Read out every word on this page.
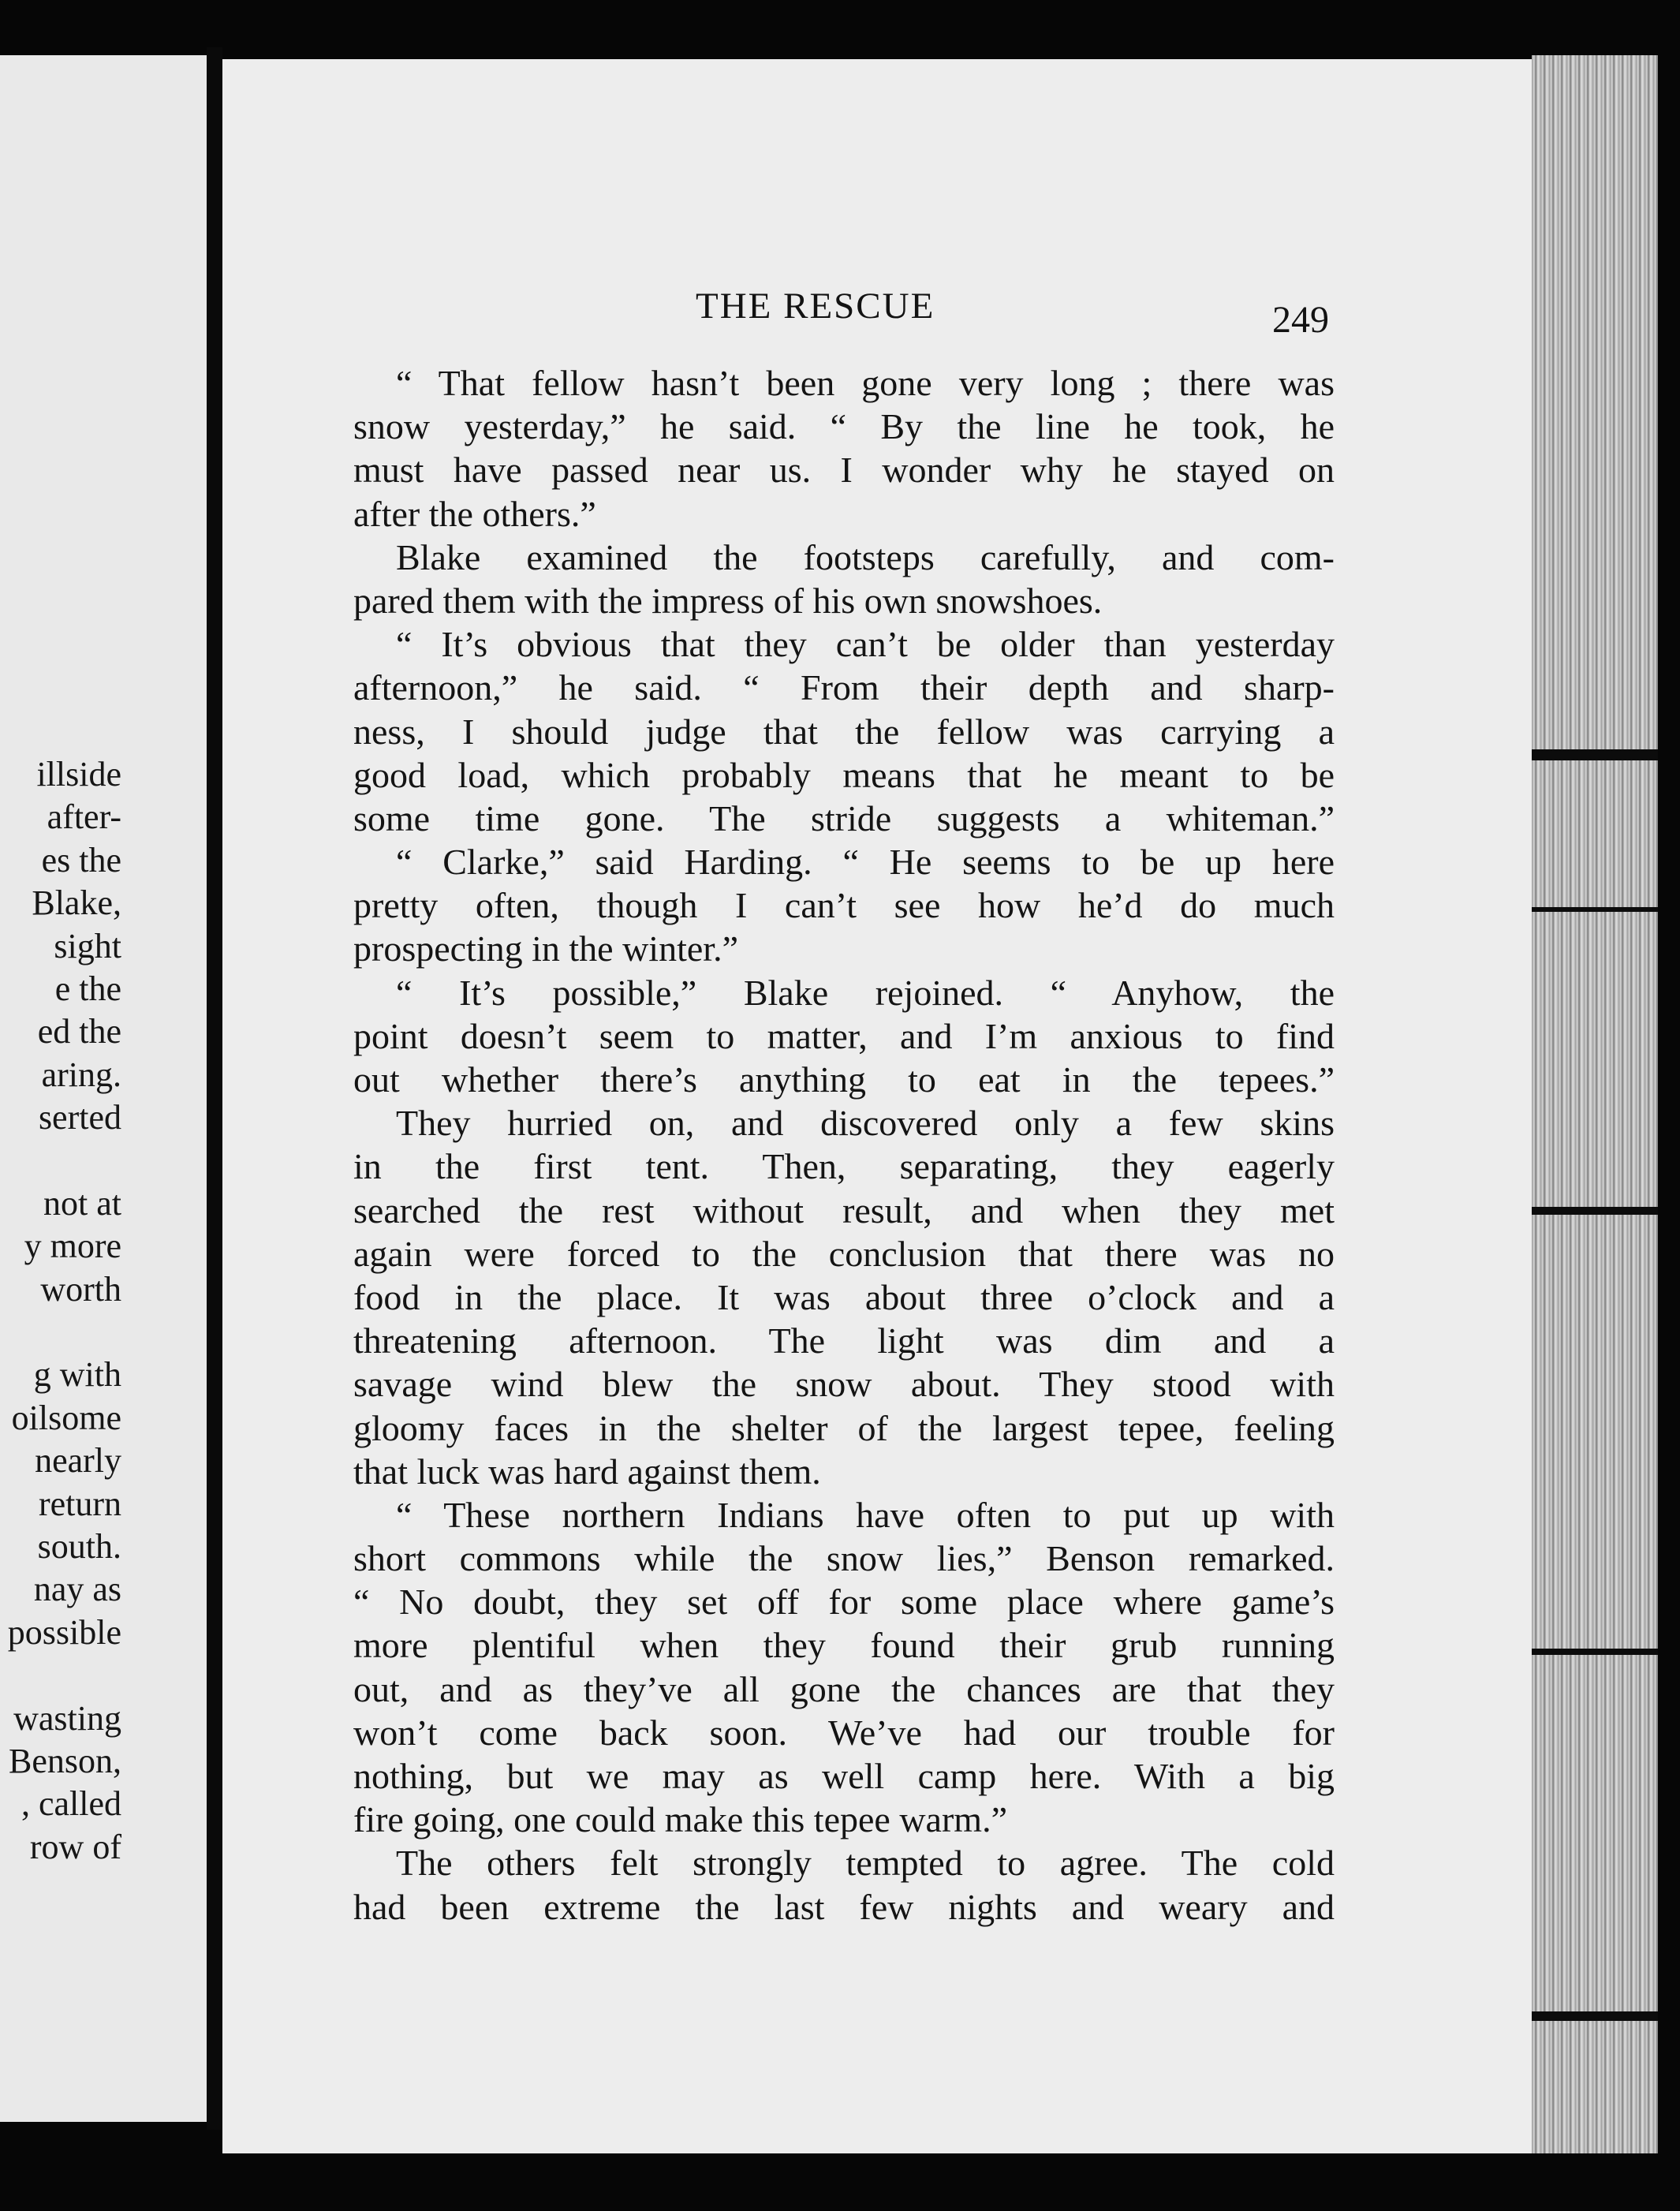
illside
after-
es the
Blake,
sight
e the
ed the
aring.
serted
not at
y more
worth
g with
oilsome
nearly
return
south.
nay as
possible
wasting
Benson,
, called
row of
THE RESCUE	249
“ That fellow hasn’t been gone very long ; there was
snow yesterday,” he said. “ By the line he took, he
must have passed near us. I wonder why he stayed on
after the others.”
Blake examined the footsteps carefully, and com-
pared them with the impress of his own snowshoes.
“ It’s obvious that they can’t be older than yesterday
afternoon,” he said. “ From their depth and sharp-
ness, I should judge that the fellow was carrying a
good load, which probably means that he meant to be
some time gone. The stride suggests a whiteman.”
“ Clarke,” said Harding. “ He seems to be up here
pretty often, though I can’t see how he’d do much
prospecting in the winter.”
“ It’s possible,” Blake rejoined. “ Anyhow, the
point doesn’t seem to matter, and I’m anxious to find
out whether there’s anything to eat in the tepees.”
They hurried on, and discovered only a few skins
in the first tent. Then, separating, they eagerly
searched the rest without result, and when they met
again were forced to the conclusion that there was no
food in the place. It was about three o’clock and a
threatening afternoon. The light was dim and a
savage wind blew the snow about. They stood with
gloomy faces in the shelter of the largest tepee, feeling
that luck was hard against them.
“ These northern Indians have often to put up with
short commons while the snow lies,” Benson remarked.
“ No doubt, they set off for some place where game’s
more plentiful when they found their grub running
out, and as they’ve all gone the chances are that they
won’t come back soon. We’ve had our trouble for
nothing, but we may as well camp here. With a big
fire going, one could make this tepee warm.”
The others felt strongly tempted to agree. The cold
had been extreme the last few nights and weary and
